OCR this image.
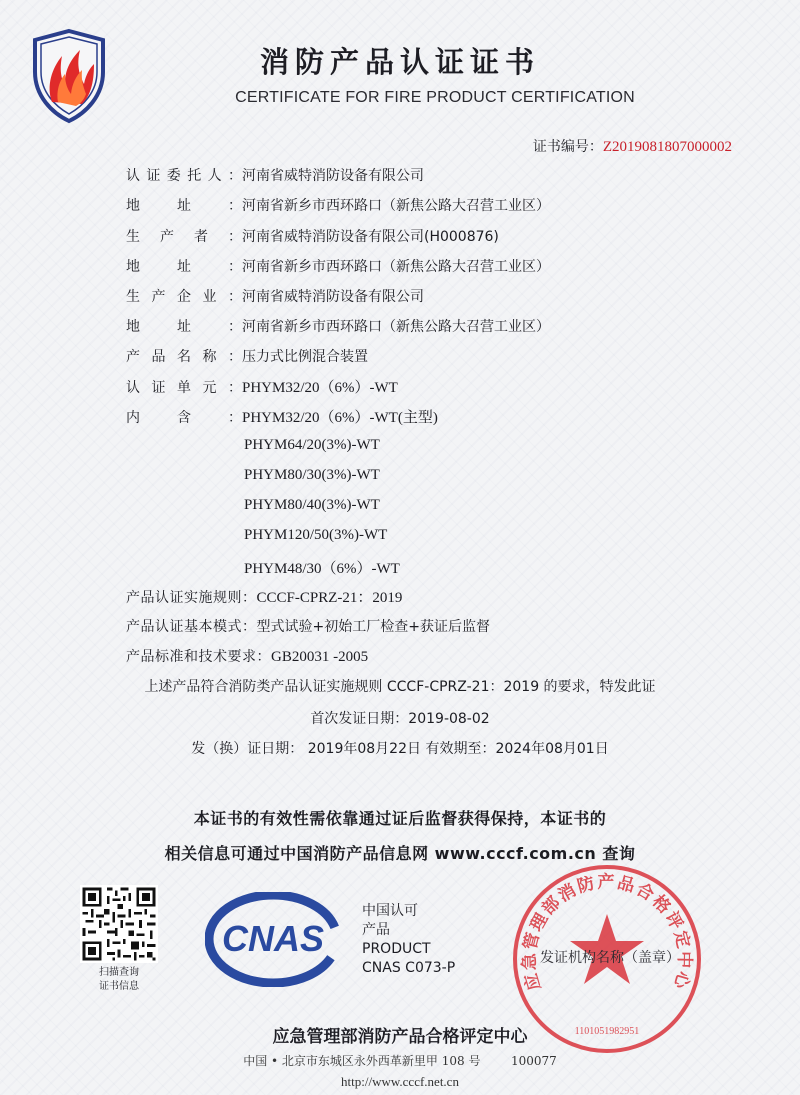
消防产品认证证书
CERTIFICATE FOR FIRE PRODUCT CERTIFICATION
证书编号：Z2019081807000002
认证委托人：河南省威特消防设备有限公司
地址：河南省新乡市西环路口（新焦公路大召营工业区）
生产者：河南省威特消防设备有限公司(H000876)
地址：河南省新乡市西环路口（新焦公路大召营工业区）
生产企业：河南省威特消防设备有限公司
地址：河南省新乡市西环路口（新焦公路大召营工业区）
产品名称：压力式比例混合装置
认证单元：PHYM32/20（6%）-WT
内含：PHYM32/20（6%）-WT(主型)
PHYM64/20(3%)-WT
PHYM80/30(3%)-WT
PHYM80/40(3%)-WT
PHYM120/50(3%)-WT
PHYM48/30（6%）-WT
产品认证实施规则：CCCF-CPRZ-21：2019
产品认证基本模式：型式试验+初始工厂检查+获证后监督
产品标准和技术要求：GB20031 -2005
上述产品符合消防类产品认证实施规则 CCCF-CPRZ-21：2019 的要求，特发此证
首次发证日期：2019-08-02
发（换）证日期： 2019年08月22日 有效期至：2024年08月01日
本证书的有效性需依靠通过证后监督获得保持，本证书的
相关信息可通过中国消防产品信息网 www.cccf.com.cn 查询
扫描查询
证书信息
CNAS
中国认可
产品
PRODUCT
CNAS C073-P
应急管理部消防产品合格评定中心
1101051982951
发证机构名称（盖章）
应急管理部消防产品合格评定中心
中国 • 北京市东城区永外西革新里甲 108 号        100077
http://www.cccf.net.cn
